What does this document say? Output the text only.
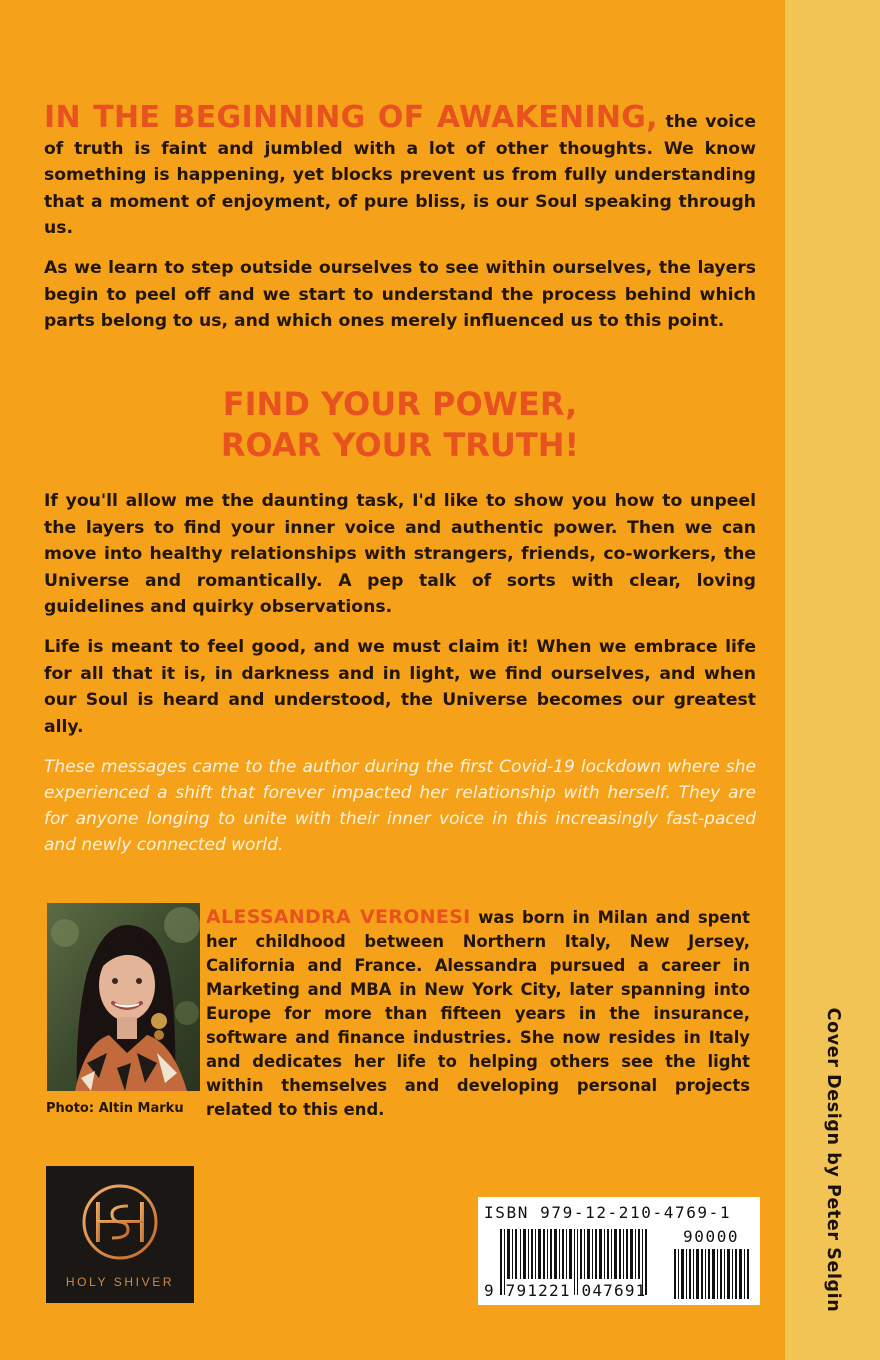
IN THE BEGINNING OF AWAKENING, the voice of truth is faint and jumbled with a lot of other thoughts. We know something is happening, yet blocks prevent us from fully understanding that a moment of enjoyment, of pure bliss, is our Soul speaking through us.

As we learn to step outside ourselves to see within ourselves, the layers begin to peel off and we start to understand the process behind which parts belong to us, and which ones merely influenced us to this point.

FIND YOUR POWER,
ROAR YOUR TRUTH!

If you'll allow me the daunting task, I'd like to show you how to unpeel the layers to find your inner voice and authentic power. Then we can move into healthy relationships with strangers, friends, co-workers, the Universe and romantically. A pep talk of sorts with clear, loving guidelines and quirky observations.

Life is meant to feel good, and we must claim it! When we embrace life for all that it is, in darkness and in light, we find ourselves, and when our Soul is heard and understood, the Universe becomes our greatest ally.

These messages came to the author during the first Covid-19 lockdown where she experienced a shift that forever impacted her relationship with herself. They are for anyone longing to unite with their inner voice in this increasingly fast-paced and newly connected world.

Photo: Altin Marku

ALESSANDRA VERONESI was born in Milan and spent her childhood between Northern Italy, New Jersey, California and France. Alessandra pursued a career in Marketing and MBA in New York City, later spanning into Europe for more than fifteen years in the insurance, software and finance industries. She now resides in Italy and dedicates her life to helping others see the light within themselves and developing personal projects related to this end.

HOLY SHIVER
ISBN 979-12-210-4769-1
9 791221 047691
90000	Cover Design by Peter Selgin
